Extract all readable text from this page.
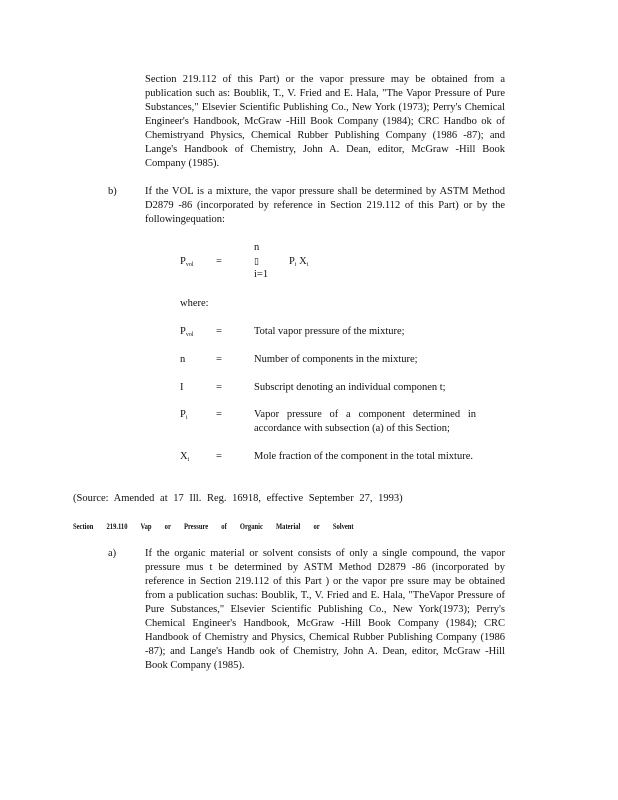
Section 219.112 of this Part) or the vapor pressure may be obtained from a publication such as: Boublik, T., V. Fried and E. Hala, "The Vapor Pressure of Pure Substances," Elsevier Scientific Publishing Co., New York (1973); Perry's Chemical Engineer's Handbook, McGraw -Hill Book Company (1984); CRC Handbo ok of Chemistryand Physics, Chemical Rubber Publishing Company (1986 -87); and Lange's Handbook of Chemistry, John A. Dean, editor, McGraw -Hill Book Company (1985).
b)	If the VOL is a mixture, the vapor pressure shall be determined by ASTM Method D2879 -86 (incorporated by reference in Section 219.112 of this Part) or by the followingequation:
$P_{vol}$ =
n
▯
i=1
$P_i$ $X_i$
where:
$P_{vol}$ =	Total vapor pressure of the mixture;
n	=	Number of components in the mixture;
I	=	Subscript denoting an individual componen t;
$P_i$	=	Vapor pressure of a component determined in accordance with subsection (a) of this Section;
$X_i$	=	Mole fraction of the component in the total mixture.
(Source: Amended at 17 Ill. Reg. 16918, effective September 27, 1993)
Section 219.110 Vap or Pressure of Organic Material or Solvent
a)	If the organic material or solvent consists of only a single compound, the vapor pressure mus t be determined by ASTM Method D2879 -86 (incorporated by reference in Section 219.112 of this Part ) or the vapor pre ssure may be obtained from a publication suchas: Boublik, T., V. Fried and E. Hala, "TheVapor Pressure of Pure Substances," Elsevier Scientific Publishing Co., New York(1973); Perry's Chemical Engineer's Handbook, McGraw -Hill Book Company (1984); CRC Handbook of Chemistry and Physics, Chemical Rubber Publishing Company (1986 -87); and Lange's Handb ook of Chemistry, John A. Dean, editor, McGraw -Hill Book Company (1985).
